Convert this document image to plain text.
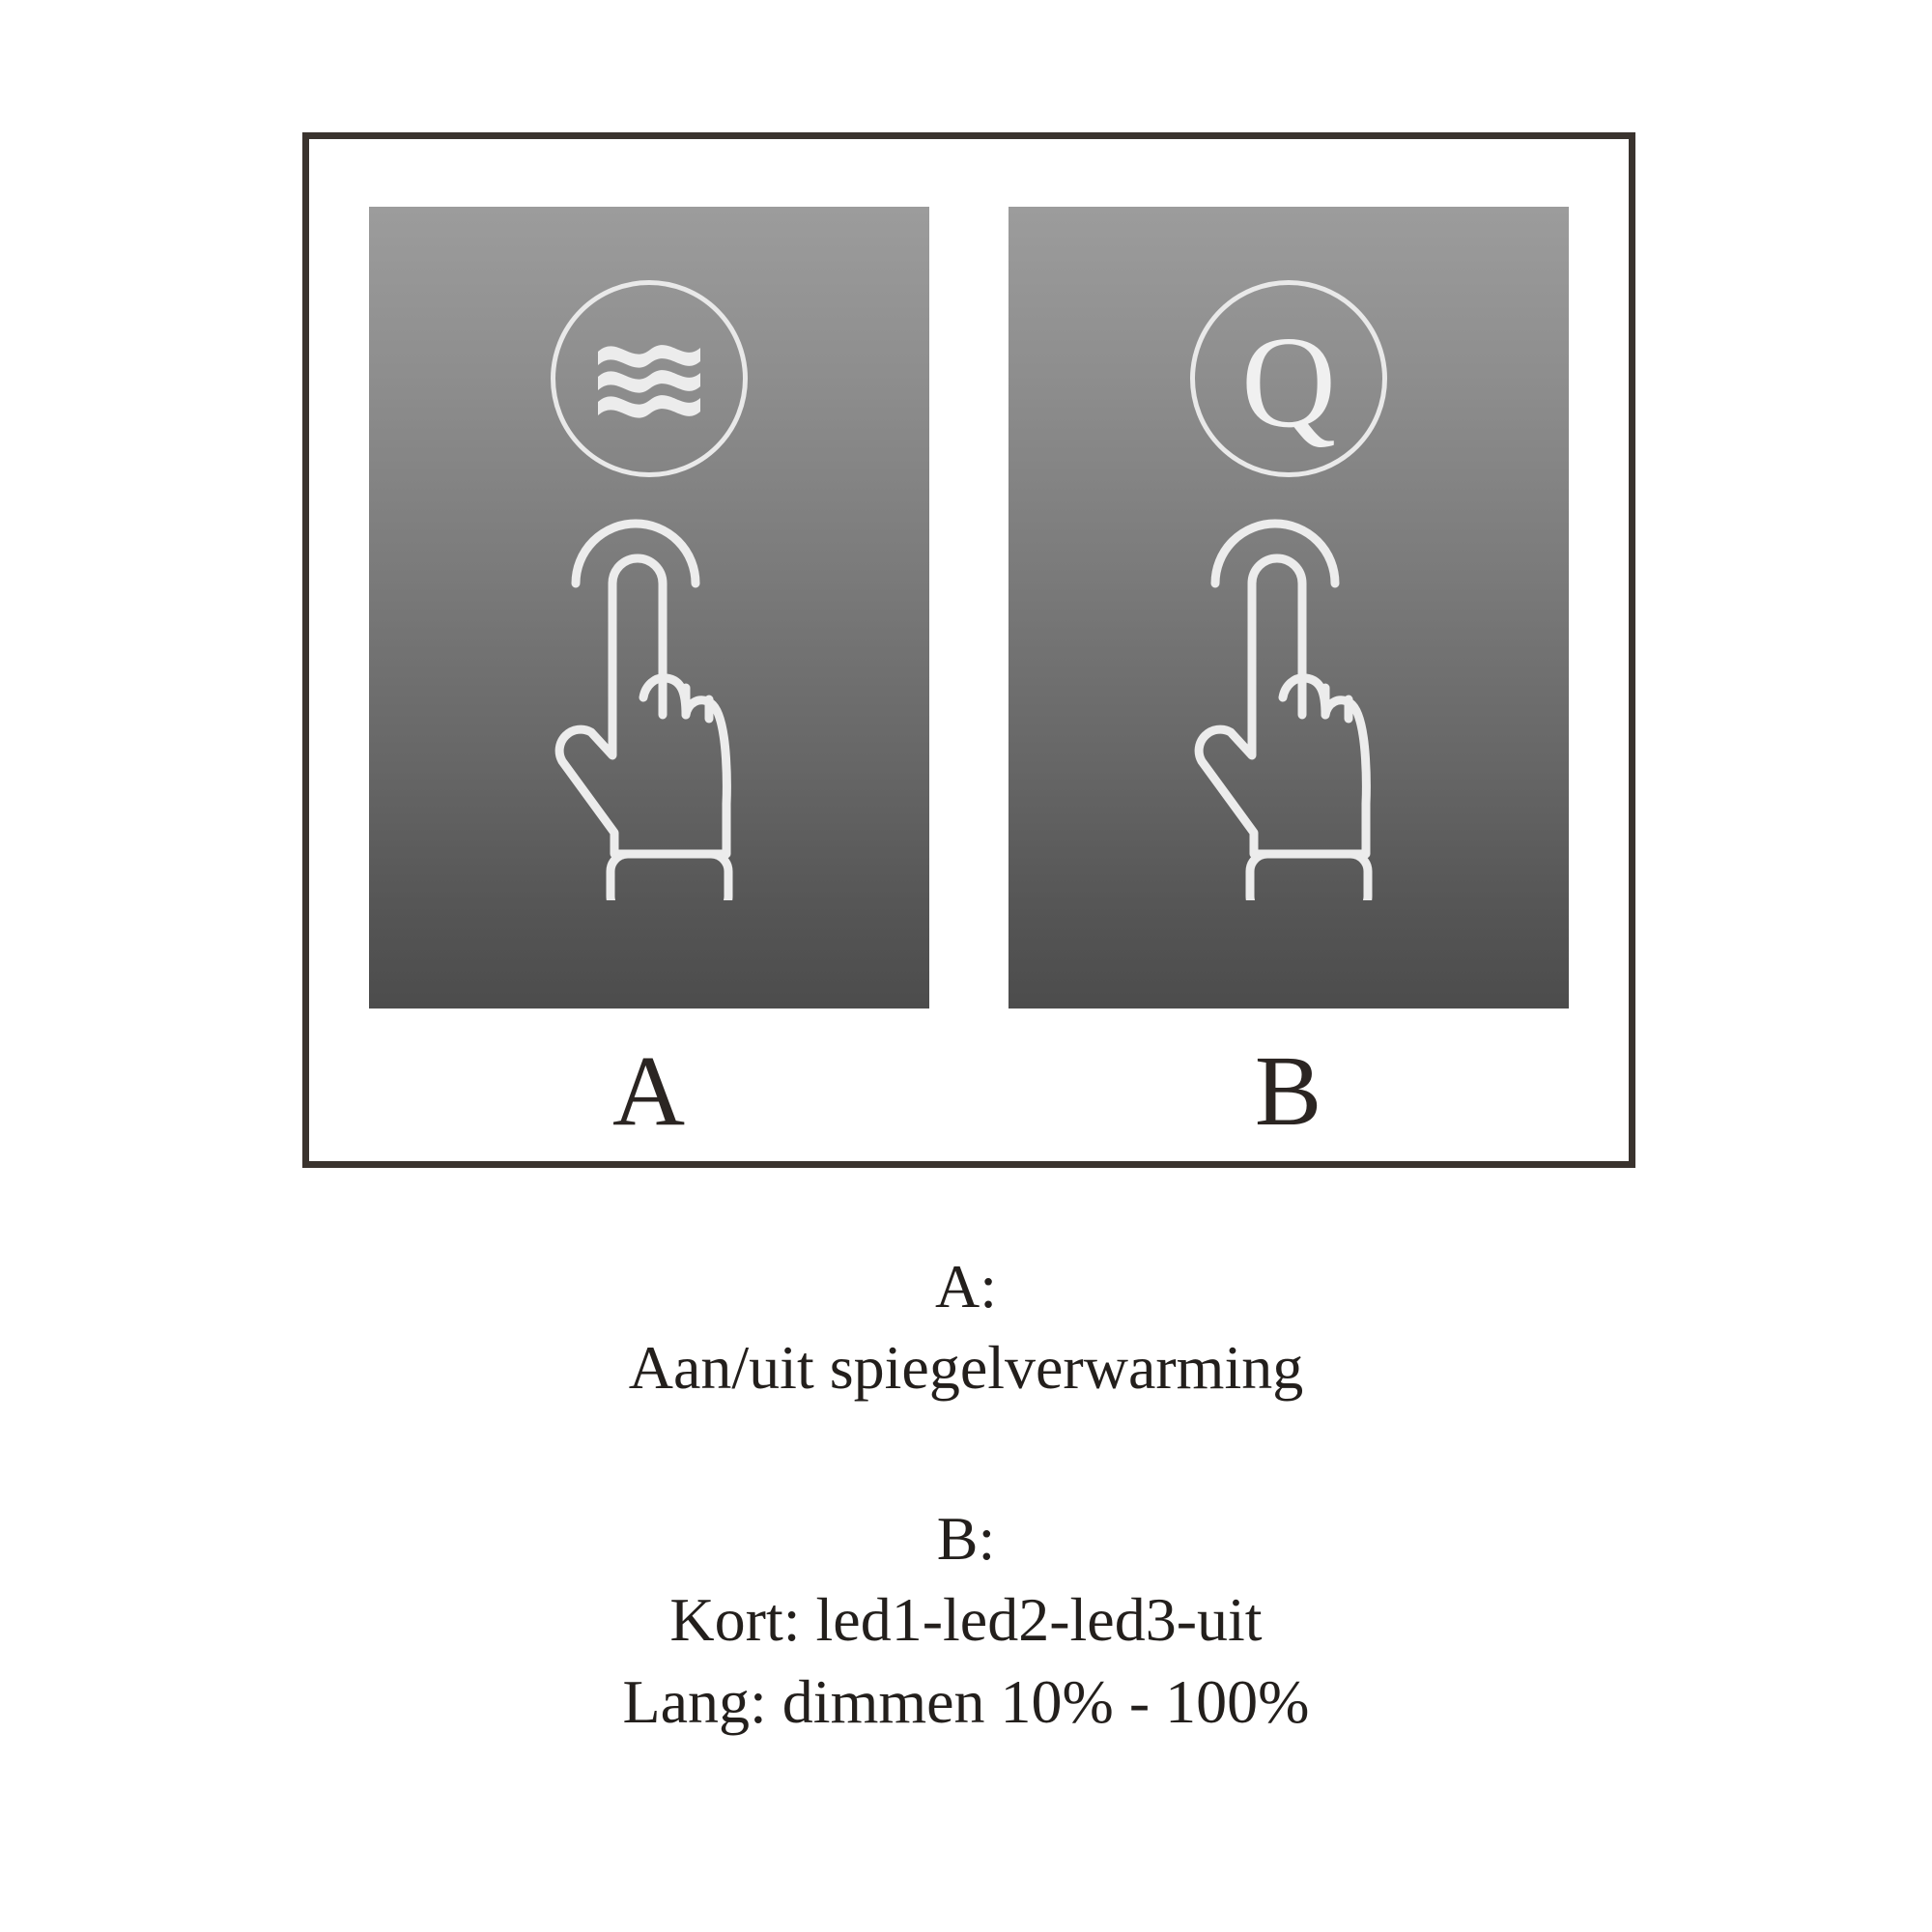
A
Q
B
A:
Aan/uit spiegelverwarming
B:
Kort: led1-led2-led3-uit
Lang: dimmen 10% - 100%
